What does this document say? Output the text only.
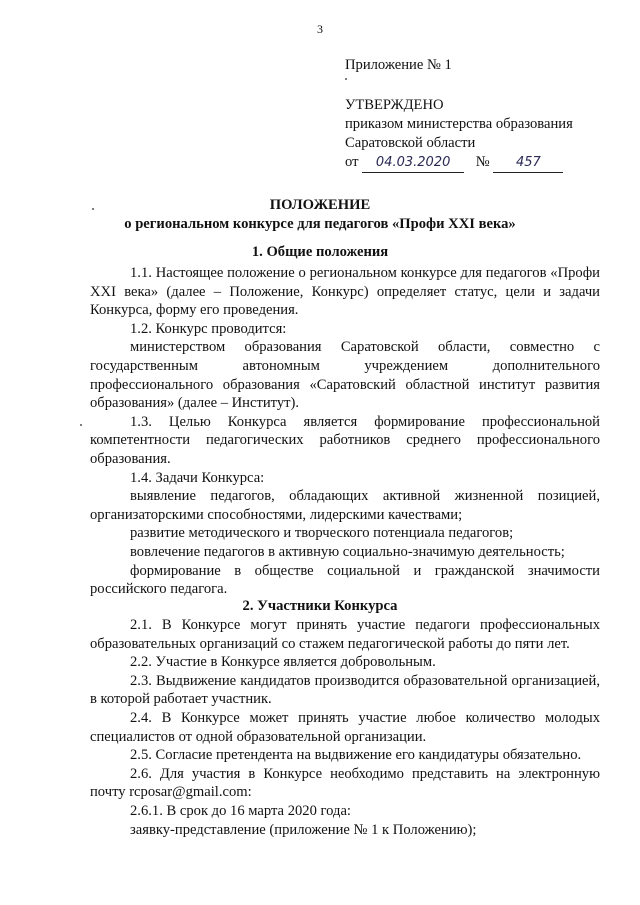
3
Приложение № 1
УТВЕРЖДЕНО
приказом министерства образования
Саратовской области
от 04.03.2020 № 457
ПОЛОЖЕНИЕ
о региональном конкурсе для педагогов «Профи XXI века»
1. Общие положения

1.1. Настоящее положение о региональном конкурсе для педагогов «Профи XXI века» (далее – Положение, Конкурс) определяет статус, цели и задачи Конкурса, форму его проведения.

1.2. Конкурс проводится:

министерством образования Саратовской области, совместно с государственным автономным учреждением дополнительного профессионального образования «Саратовский областной институт развития образования» (далее – Институт).

1.3. Целью Конкурса является формирование профессиональной компетентности педагогических работников среднего профессионального образования.

1.4. Задачи Конкурса:

выявление педагогов, обладающих активной жизненной позицией, организаторскими способностями, лидерскими качествами;

развитие методического и творческого потенциала педагогов;

вовлечение педагогов в активную социально-значимую деятельность;

формирование в обществе социальной и гражданской значимости российского педагога.

2. Участники Конкурса

2.1. В Конкурсе могут принять участие педагоги профессиональных образовательных организаций со стажем педагогической работы до пяти лет.

2.2. Участие в Конкурсе является добровольным.

2.3. Выдвижение кандидатов производится образовательной организацией, в которой работает участник.

2.4. В Конкурсе может принять участие любое количество молодых специалистов от одной образовательной организации.

2.5. Согласие претендента на выдвижение его кандидатуры обязательно.

2.6. Для участия в Конкурсе необходимо представить на электронную почту rcposar@gmail.com:

2.6.1. В срок до 16 марта 2020 года:

заявку-представление (приложение № 1 к Положению);
